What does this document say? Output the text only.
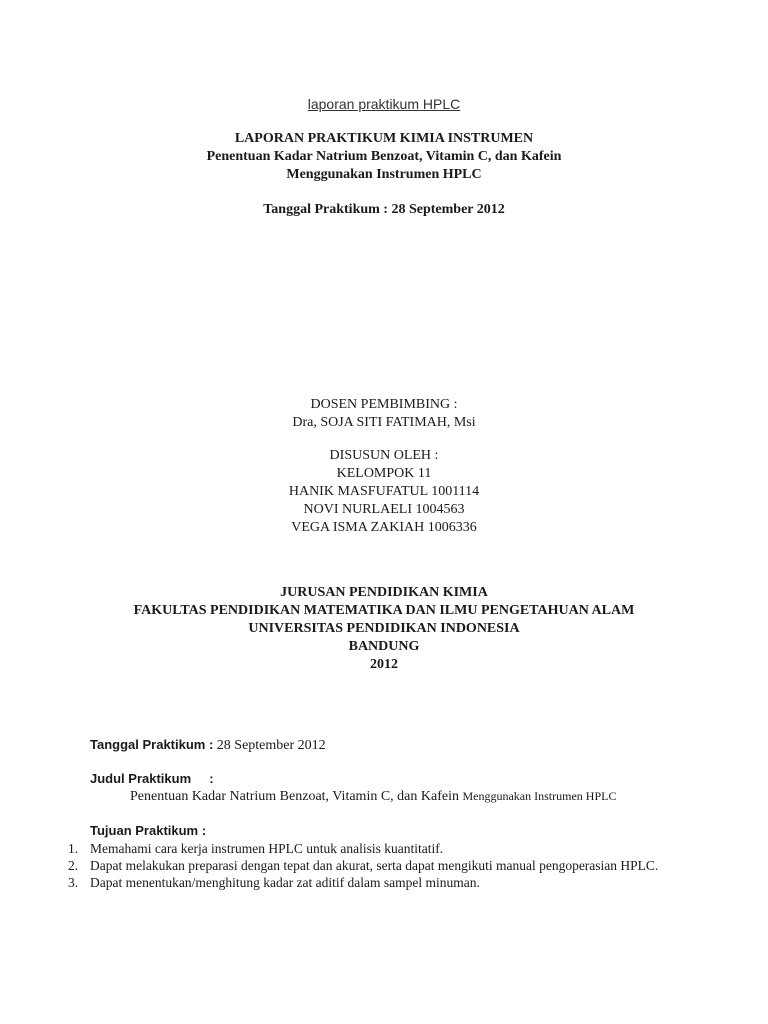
laporan praktikum HPLC
LAPORAN PRAKTIKUM KIMIA INSTRUMEN
Penentuan Kadar Natrium Benzoat, Vitamin C, dan Kafein
Menggunakan Instrumen HPLC
Tanggal Praktikum : 28 September 2012
DOSEN PEMBIMBING :
Dra, SOJA SITI FATIMAH, Msi
DISUSUN OLEH :
KELOMPOK 11
HANIK MASFUFATUL 1001114
NOVI NURLAELI 1004563
VEGA ISMA ZAKIAH 1006336
JURUSAN PENDIDIKAN KIMIA
FAKULTAS PENDIDIKAN MATEMATIKA DAN ILMU PENGETAHUAN ALAM
UNIVERSITAS PENDIDIKAN INDONESIA
BANDUNG
2012
Tanggal Praktikum : 28 September 2012
Judul Praktikum     :
Penentuan Kadar Natrium Benzoat, Vitamin C, dan Kafein Menggunakan Instrumen HPLC
Tujuan Praktikum :
1. Memahami cara kerja instrumen HPLC untuk analisis kuantitatif.
2. Dapat melakukan preparasi dengan tepat dan akurat, serta dapat mengikuti manual pengoperasian HPLC.
3. Dapat menentukan/menghitung kadar zat aditif dalam sampel minuman.
